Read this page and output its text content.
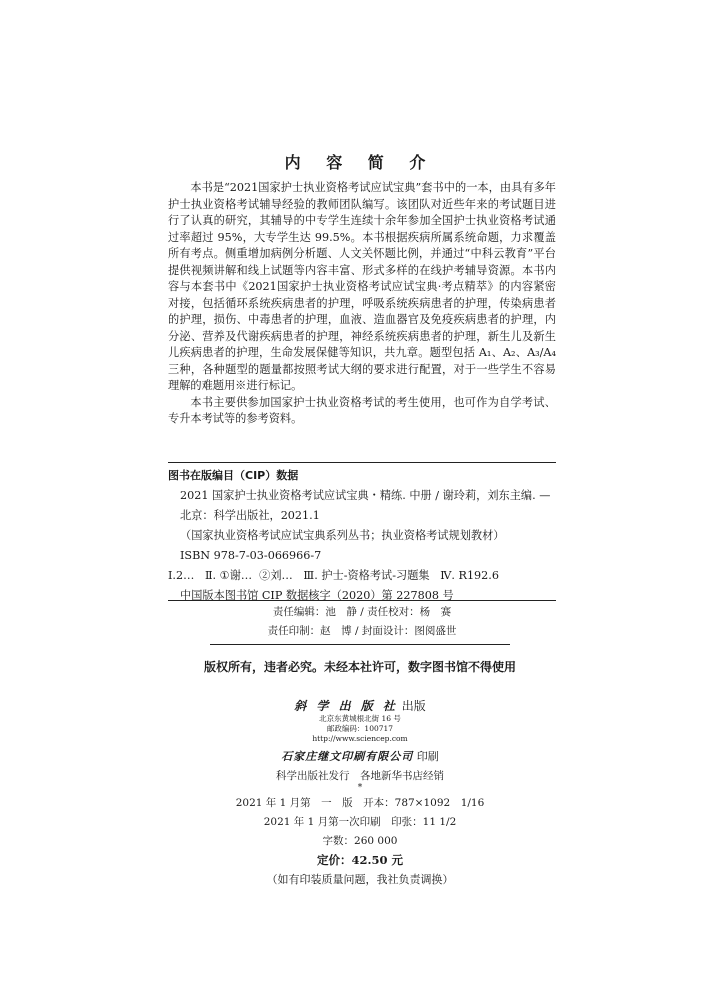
内 容 简 介

本书是“2021国家护士执业资格考试应试宝典”套书中的一本，由具有多年护士执业资格考试辅导经验的教师团队编写。该团队对近些年来的考试题目进行了认真的研究，其辅导的中专学生连续十余年参加全国护士执业资格考试通过率超过 95%，大专学生达 99.5%。本书根据疾病所属系统命题，力求覆盖所有考点。侧重增加病例分析题、人文关怀题比例，并通过“中科云教育”平台提供视频讲解和线上试题等内容丰富、形式多样的在线护考辅导资源。本书内容与本套书中《2021国家护士执业资格考试应试宝典·考点精萃》的内容紧密对接，包括循环系统疾病患者的护理，呼吸系统疾病患者的护理，传染病患者的护理，损伤、中毒患者的护理，血液、造血器官及免疫疾病患者的护理，内分泌、营养及代谢疾病患者的护理，神经系统疾病患者的护理，新生儿及新生儿疾病患者的护理，生命发展保健等知识，共九章。题型包括 A₁、A₂、A₃/A₄ 三种，各种题型的题量都按照考试大纲的要求进行配置，对于一些学生不容易理解的难题用※进行标记。

本书主要供参加国家护士执业资格考试的考生使用，也可作为自学考试、专升本考试等的参考资料。

图书在版编目（CIP）数据
2021 国家护士执业资格考试应试宝典・精练. 中册 / 谢玲莉，刘东主编. —北京：科学出版社，2021.1
（国家执业资格考试应试宝典系列丛书；执业资格考试规划教材）
ISBN 978-7-03-066966-7
Ⅰ.2…   Ⅱ. ①谢…  ②刘…   Ⅲ. 护士-资格考试-习题集   Ⅳ. R192.6
中国版本图书馆 CIP 数据核字（2020）第 227808 号
责任编辑：池　静 / 责任校对：杨　赛
责任印制：赵　博 / 封面设计：图阅盛世
版权所有，违者必究。未经本社许可，数字图书馆不得使用
斜 学 出 版 社 出版
北京东黄城根北街 16 号
邮政编码：100717
http://www.sciencep.com
石家庄继文印刷有限公司 印刷
科学出版社发行　各地新华书店经销
*
2021 年 1 月第　一　版　开本：787×1092　1/16
2021 年 1 月第一次印刷　印张：11 1/2
字数：260 000
定价：42.50 元
（如有印装质量问题，我社负责调换）
